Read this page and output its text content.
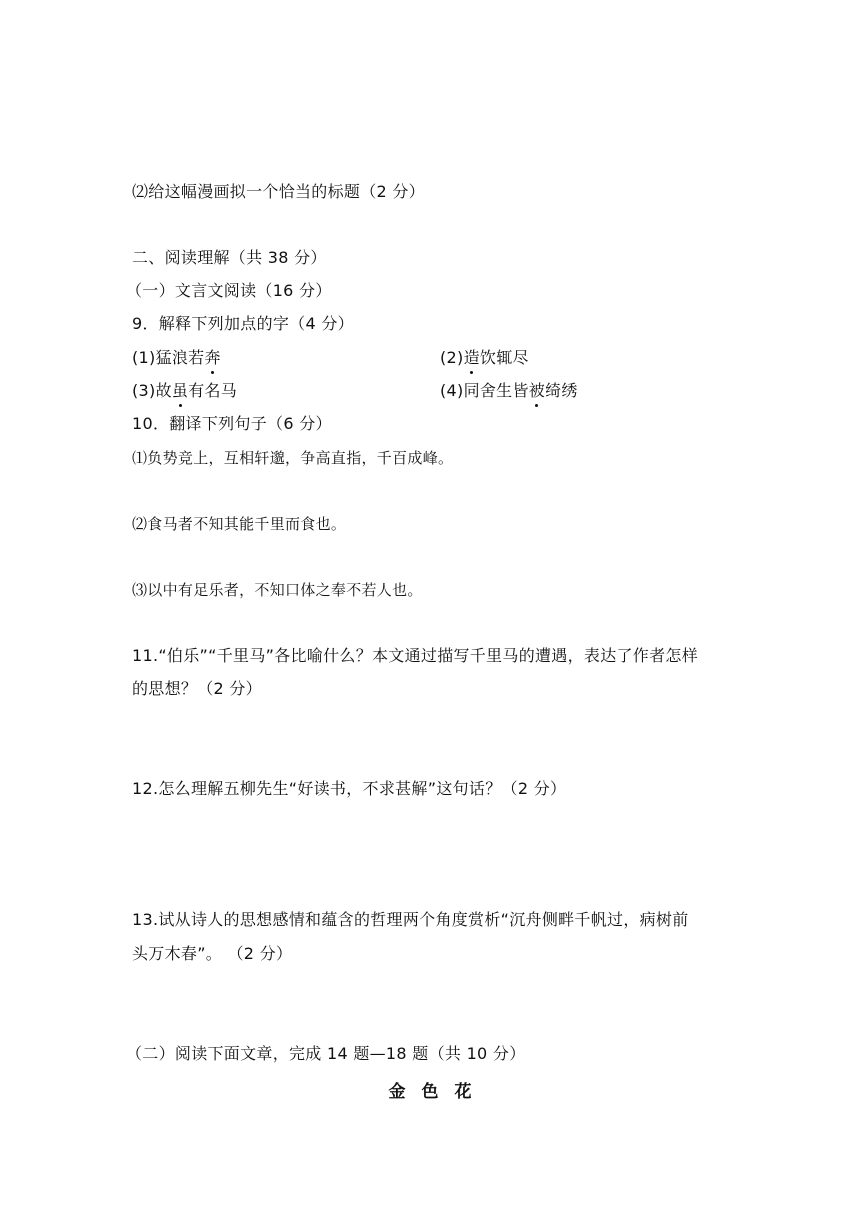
⑵给这幅漫画拟一个恰当的标题（2 分）
二、阅读理解（共 38 分）
（一）文言文阅读（16 分）
9．解释下列加点的字（4 分）
(1)猛浪若奔	(2)造饮辄尽
(3)故虽有名马	(4)同舍生皆被绮绣
10．翻译下列句子（6 分）
⑴负势竞上，互相轩邈，争高直指，千百成峰。
⑵食马者不知其能千里而食也。
⑶以中有足乐者，不知口体之奉不若人也。
11.“伯乐”“千里马”各比喻什么？本文通过描写千里马的遭遇，表达了作者怎样
的思想？（2 分）
12.怎么理解五柳先生“好读书，不求甚解”这句话？（2 分）
13.试从诗人的思想感情和蕴含的哲理两个角度赏析“沉舟侧畔千帆过，病树前
头万木春”。 （2 分）
（二）阅读下面文章，完成 14 题—18 题（共 10 分）
金色花
